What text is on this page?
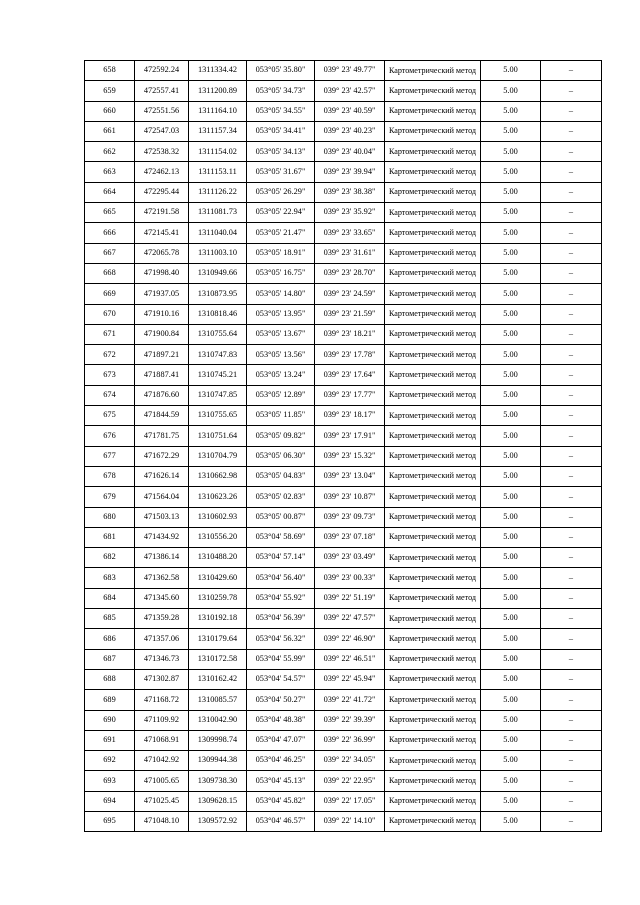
658	472592.24	1311334.42	053°05' 35.80"	039° 23' 49.77"	Картометрический метод	5.00	–
659	472557.41	1311200.89	053°05' 34.73"	039° 23' 42.57"	Картометрический метод	5.00	–
660	472551.56	1311164.10	053°05' 34.55"	039° 23' 40.59"	Картометрический метод	5.00	–
661	472547.03	1311157.34	053°05' 34.41"	039° 23' 40.23"	Картометрический метод	5.00	–
662	472538.32	1311154.02	053°05' 34.13"	039° 23' 40.04"	Картометрический метод	5.00	–
663	472462.13	1311153.11	053°05' 31.67"	039° 23' 39.94"	Картометрический метод	5.00	–
664	472295.44	1311126.22	053°05' 26.29"	039° 23' 38.38"	Картометрический метод	5.00	–
665	472191.58	1311081.73	053°05' 22.94"	039° 23' 35.92"	Картометрический метод	5.00	–
666	472145.41	1311040.04	053°05' 21.47"	039° 23' 33.65"	Картометрический метод	5.00	–
667	472065.78	1311003.10	053°05' 18.91"	039° 23' 31.61"	Картометрический метод	5.00	–
668	471998.40	1310949.66	053°05' 16.75"	039° 23' 28.70"	Картометрический метод	5.00	–
669	471937.05	1310873.95	053°05' 14.80"	039° 23' 24.59"	Картометрический метод	5.00	–
670	471910.16	1310818.46	053°05' 13.95"	039° 23' 21.59"	Картометрический метод	5.00	–
671	471900.84	1310755.64	053°05' 13.67"	039° 23' 18.21"	Картометрический метод	5.00	–
672	471897.21	1310747.83	053°05' 13.56"	039° 23' 17.78"	Картометрический метод	5.00	–
673	471887.41	1310745.21	053°05' 13.24"	039° 23' 17.64"	Картометрический метод	5.00	–
674	471876.60	1310747.85	053°05' 12.89"	039° 23' 17.77"	Картометрический метод	5.00	–
675	471844.59	1310755.65	053°05' 11.85"	039° 23' 18.17"	Картометрический метод	5.00	–
676	471781.75	1310751.64	053°05' 09.82"	039° 23' 17.91"	Картометрический метод	5.00	–
677	471672.29	1310704.79	053°05' 06.30"	039° 23' 15.32"	Картометрический метод	5.00	–
678	471626.14	1310662.98	053°05' 04.83"	039° 23' 13.04"	Картометрический метод	5.00	–
679	471564.04	1310623.26	053°05' 02.83"	039° 23' 10.87"	Картометрический метод	5.00	–
680	471503.13	1310602.93	053°05' 00.87"	039° 23' 09.73"	Картометрический метод	5.00	–
681	471434.92	1310556.20	053°04' 58.69"	039° 23' 07.18"	Картометрический метод	5.00	–
682	471386.14	1310488.20	053°04' 57.14"	039° 23' 03.49"	Картометрический метод	5.00	–
683	471362.58	1310429.60	053°04' 56.40"	039° 23' 00.33"	Картометрический метод	5.00	–
684	471345.60	1310259.78	053°04' 55.92"	039° 22' 51.19"	Картометрический метод	5.00	–
685	471359.28	1310192.18	053°04' 56.39"	039° 22' 47.57"	Картометрический метод	5.00	–
686	471357.06	1310179.64	053°04' 56.32"	039° 22' 46.90"	Картометрический метод	5.00	–
687	471346.73	1310172.58	053°04' 55.99"	039° 22' 46.51"	Картометрический метод	5.00	–
688	471302.87	1310162.42	053°04' 54.57"	039° 22' 45.94"	Картометрический метод	5.00	–
689	471168.72	1310085.57	053°04' 50.27"	039° 22' 41.72"	Картометрический метод	5.00	–
690	471109.92	1310042.90	053°04' 48.38"	039° 22' 39.39"	Картометрический метод	5.00	–
691	471068.91	1309998.74	053°04' 47.07"	039° 22' 36.99"	Картометрический метод	5.00	–
692	471042.92	1309944.38	053°04' 46.25"	039° 22' 34.05"	Картометрический метод	5.00	–
693	471005.65	1309738.30	053°04' 45.13"	039° 22' 22.95"	Картометрический метод	5.00	–
694	471025.45	1309628.15	053°04' 45.82"	039° 22' 17.05"	Картометрический метод	5.00	–
695	471048.10	1309572.92	053°04' 46.57"	039° 22' 14.10"	Картометрический метод	5.00	–
